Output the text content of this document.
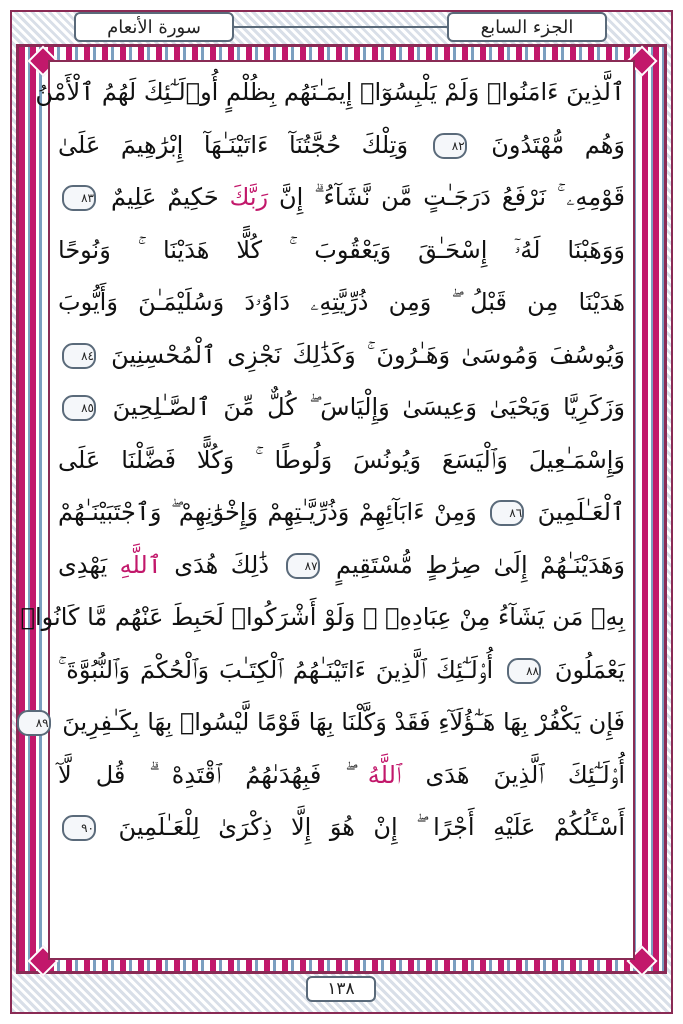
سورة الأنعام	الجزء السابع
ٱلَّذِينَ ءَامَنُوا۟ وَلَمْ يَلْبِسُوٓا۟ إِيمَـٰنَهُم بِظُلْمٍ أُو۟لَـٰٓئِكَ لَهُمُ ٱلْأَمْنُ
وَهُم مُّهْتَدُونَ ٨٢ وَتِلْكَ حُجَّتُنَآ ءَاتَيْنَـٰهَآ إِبْرَٰهِيمَ عَلَىٰ
قَوْمِهِۦ ۚ نَرْفَعُ دَرَجَـٰتٍ مَّن نَّشَآءُ ۗ إِنَّ رَبَّكَ حَكِيمٌ عَلِيمٌ ٨٣
وَوَهَبْنَا لَهُۥٓ إِسْحَـٰقَ وَيَعْقُوبَ ۚ كُلًّا هَدَيْنَا ۚ وَنُوحًا
هَدَيْنَا مِن قَبْلُ ۖ وَمِن ذُرِّيَّتِهِۦ دَاوُۥدَ وَسُلَيْمَـٰنَ وَأَيُّوبَ
وَيُوسُفَ وَمُوسَىٰ وَهَـٰرُونَ ۚ وَكَذَٰلِكَ نَجْزِى ٱلْمُحْسِنِينَ ٨٤
وَزَكَرِيَّا وَيَحْيَىٰ وَعِيسَىٰ وَإِلْيَاسَ ۖ كُلٌّ مِّنَ ٱلصَّـٰلِحِينَ ٨٥
وَإِسْمَـٰعِيلَ وَٱلْيَسَعَ وَيُونُسَ وَلُوطًا ۚ وَكُلًّا فَضَّلْنَا عَلَى
ٱلْعَـٰلَمِينَ ٨٦ وَمِنْ ءَابَآئِهِمْ وَذُرِّيَّـٰتِهِمْ وَإِخْوَٰنِهِمْ ۖ وَٱجْتَبَيْنَـٰهُمْ
وَهَدَيْنَـٰهُمْ إِلَىٰ صِرَٰطٍ مُّسْتَقِيمٍ ٨٧ ذَٰلِكَ هُدَى ٱللَّهِ يَهْدِى
بِهِۦ مَن يَشَآءُ مِنْ عِبَادِهِۦ ۚ وَلَوْ أَشْرَكُوا۟ لَحَبِطَ عَنْهُم مَّا كَانُوا۟
يَعْمَلُونَ ٨٨ أُو۟لَـٰٓئِكَ ٱلَّذِينَ ءَاتَيْنَـٰهُمُ ٱلْكِتَـٰبَ وَٱلْحُكْمَ وَٱلنُّبُوَّةَ ۚ
فَإِن يَكْفُرْ بِهَا هَـٰٓؤُلَآءِ فَقَدْ وَكَّلْنَا بِهَا قَوْمًا لَّيْسُوا۟ بِهَا بِكَـٰفِرِينَ ٨٩
أُو۟لَـٰٓئِكَ ٱلَّذِينَ هَدَى ٱللَّهُ ۖ فَبِهُدَىٰهُمُ ٱقْتَدِهْ ۗ قُل لَّآ
أَسْـَٔلُكُمْ عَلَيْهِ أَجْرًا ۖ إِنْ هُوَ إِلَّا ذِكْرَىٰ لِلْعَـٰلَمِينَ ٩٠
١٣٨
